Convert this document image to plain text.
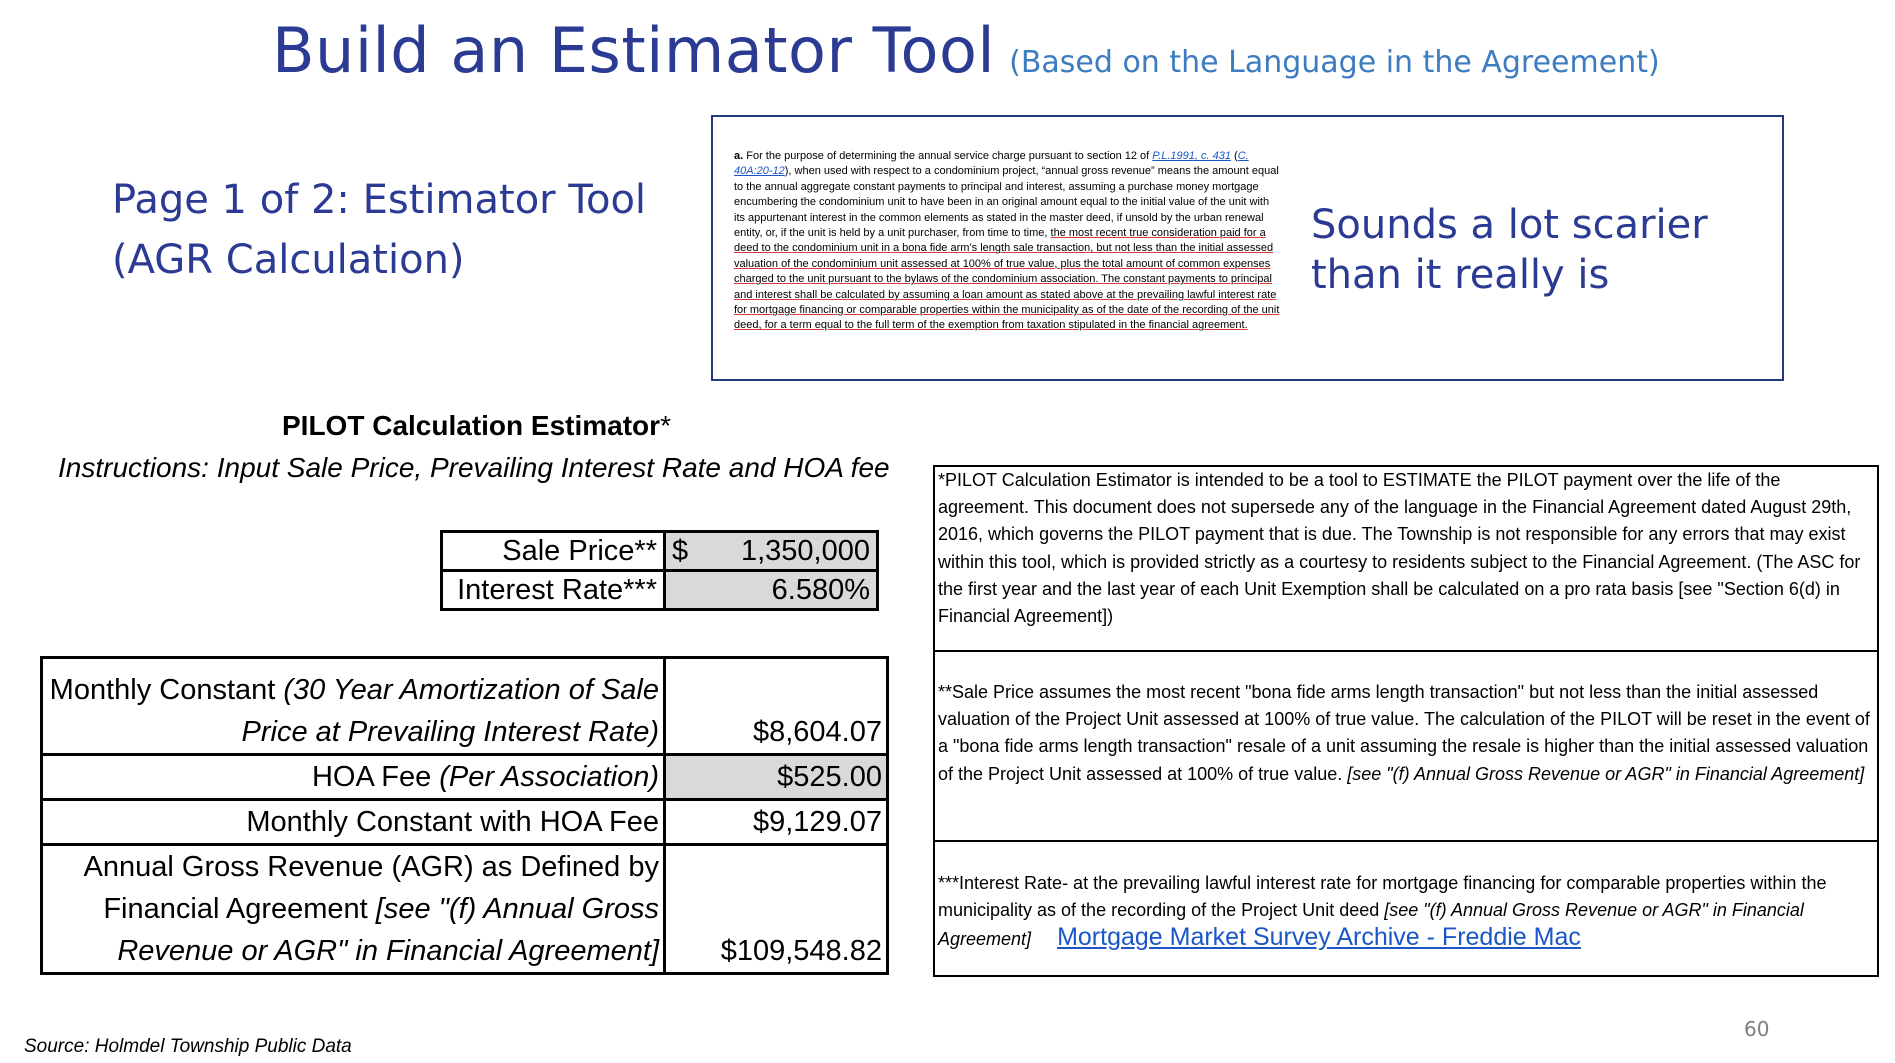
Build an Estimator Tool (Based on the Language in the Agreement)
Page 1 of 2: Estimator Tool
(AGR Calculation)
a. For the purpose of determining the annual service charge pursuant to section 12 of P.L.1991, c. 431 (C. 40A:20-12), when used with respect to a condominium project, “annual gross revenue” means the amount equal to the annual aggregate constant payments to principal and interest, assuming a purchase money mortgage encumbering the condominium unit to have been in an original amount equal to the initial value of the unit with its appurtenant interest in the common elements as stated in the master deed, if unsold by the urban renewal entity, or, if the unit is held by a unit purchaser, from time to time, the most recent true consideration paid for a deed to the condominium unit in a bona fide arm’s length sale transaction, but not less than the initial assessed valuation of the condominium unit assessed at 100% of true value, plus the total amount of common expenses charged to the unit pursuant to the bylaws of the condominium association. The constant payments to principal and interest shall be calculated by assuming a loan amount as stated above at the prevailing lawful interest rate for mortgage financing or comparable properties within the municipality as of the date of the recording of the unit deed, for a term equal to the full term of the exemption from taxation stipulated in the financial agreement.
Sounds a lot scarier
than it really is
PILOT Calculation Estimator*
Instructions: Input Sale Price, Prevailing Interest Rate and HOA fee
Sale Price**	$ 1,350,000

Interest Rate***	6.580%
Monthly Constant (30 Year Amortization of Sale
Price at Prevailing Interest Rate)	$8,604.07
HOA Fee (Per Association)	$525.00
Monthly Constant with HOA Fee	$9,129.07
Annual Gross Revenue (AGR) as Defined by
Financial Agreement [see "(f) Annual Gross
Revenue or AGR" in Financial Agreement]	$109,548.82
*PILOT Calculation Estimator is intended to be a tool to ESTIMATE the PILOT payment over the life of the agreement. This document does not supersede any of the language in the Financial Agreement dated August 29th, 2016, which governs the PILOT payment that is due. The Township is not responsible for any errors that may exist within this tool, which is provided strictly as a courtesy to residents subject to the Financial Agreement. (The ASC for the first year and the last year of each Unit Exemption shall be calculated on a pro rata basis [see "Section 6(d) in Financial Agreement])
**Sale Price assumes the most recent "bona fide arms length transaction" but not less than the initial assessed valuation of the Project Unit assessed at 100% of true value. The calculation of the PILOT will be reset in the event of a "bona fide arms length transaction" resale of a unit assuming the resale is higher than the initial assessed valuation of the Project Unit assessed at 100% of true value. [see "(f) Annual Gross Revenue or AGR" in Financial Agreement]
***Interest Rate- at the prevailing lawful interest rate for mortgage financing for comparable properties within the municipality as of the recording of the Project Unit deed [see "(f) Annual Gross Revenue or AGR" in Financial Agreement] Mortgage Market Survey Archive - Freddie Mac
60
Source: Holmdel Township Public Data
